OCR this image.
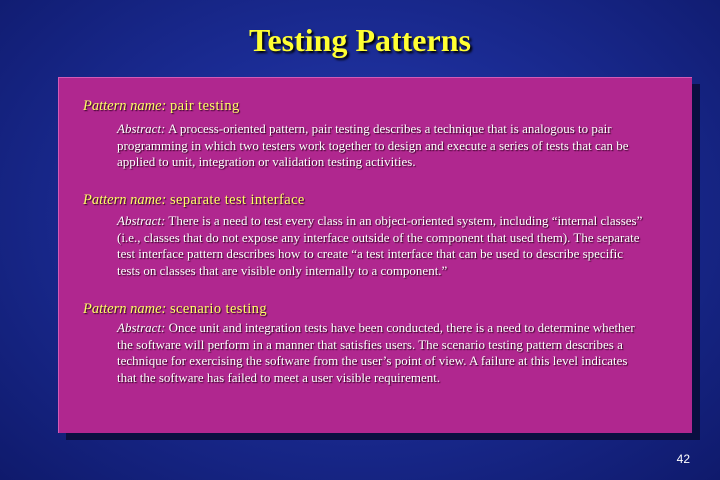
Testing Patterns
Pattern name: pair testing
Abstract: A process-oriented pattern, pair testing describes a technique that is analogous to pair programming in which two testers work together to design and execute a series of tests that can be applied to unit, integration or validation testing activities.
Pattern name: separate test interface
Abstract: There is a need to test every class in an object-oriented system, including “internal classes” (i.e., classes that do not expose any interface outside of the component that used them). The separate test interface pattern describes how to create “a test interface that can be used to describe specific tests on classes that are visible only internally to a component.”
Pattern name: scenario testing
Abstract: Once unit and integration tests have been conducted, there is a need to determine whether the software will perform in a manner that satisfies users. The scenario testing pattern describes a technique for exercising the software from the user’s point of view. A failure at this level indicates that the software has failed to meet a user visible requirement.
42
